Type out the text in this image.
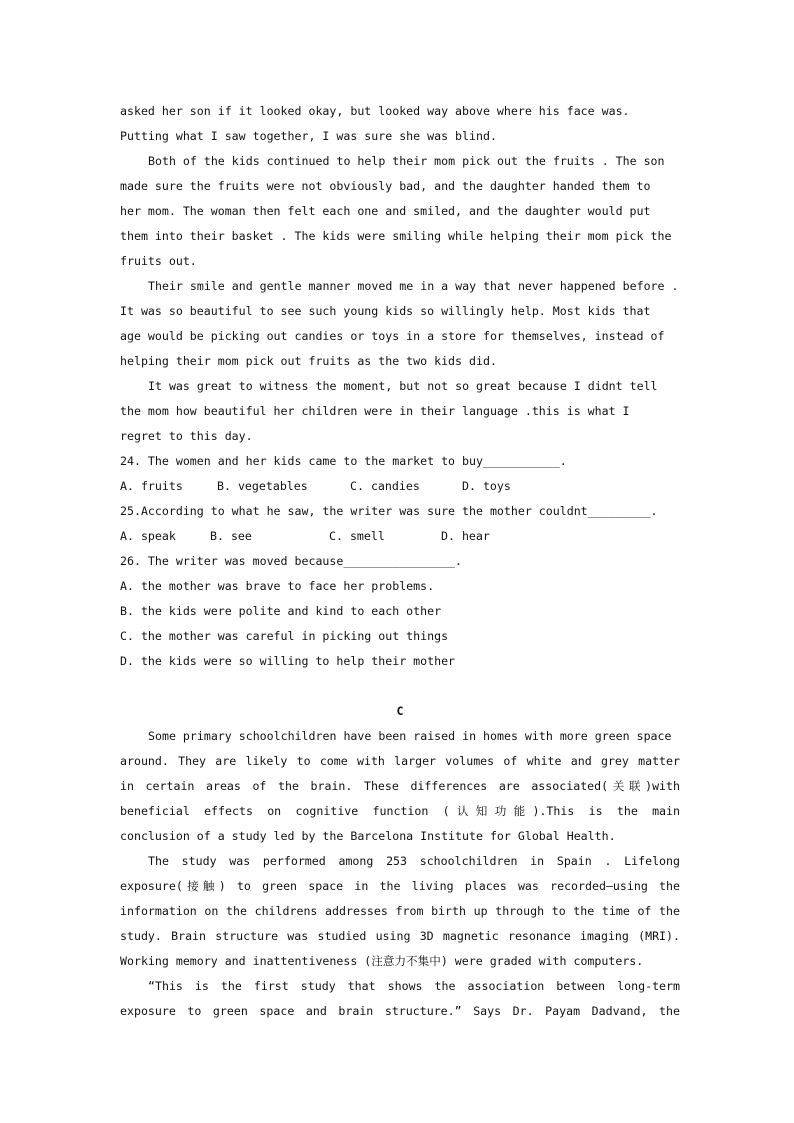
asked her son if it looked okay, but looked way above where his face was.
Putting what I saw together, I was sure she was blind.
Both of the kids continued to help their mom pick out the fruits . The son
made sure the fruits were not obviously bad, and the daughter handed them to
her mom. The woman then felt each one and smiled, and the daughter would put
them into their basket . The kids were smiling while helping their mom pick the
fruits out.
Their smile and gentle manner moved me in a way that never happened before .
It was so beautiful to see such young kids so willingly help. Most kids that
age would be picking out candies or toys in a store for themselves, instead of
helping their mom pick out fruits as the two kids did.
It was great to witness the moment, but not so great because I didnt tell
the mom how beautiful her children were in their language .this is what I
regret to this day.
24. The women and her kids came to the market to buy___________.
A. fruits	B. vegetables	C. candies	D. toys
25.According to what he saw, the writer was sure the mother couldnt_________.
A. speak	B. see	C. smell	D. hear
26. The writer was moved because________________.
A. the mother was brave to face her problems.
B. the kids were polite and kind to each other
C. the mother was careful in picking out things
D. the kids were so willing to help their mother
C
Some primary schoolchildren have been raised in homes with more green space
around. They are likely to come with larger volumes of white and grey matter
in certain areas of the brain. These differences are associated(关联)with
beneficial effects on cognitive function (认知功能).This is the main
conclusion of a study led by the Barcelona Institute for Global Health.
The study was performed among 253 schoolchildren in Spain . Lifelong
exposure(接触) to green space in the living places was recorded—using the
information on the childrens addresses from birth up through to the time of the
study. Brain structure was studied using 3D magnetic resonance imaging (MRI).
Working memory and inattentiveness (注意力不集中) were graded with computers.
“This is the first study that shows the association between long-term
exposure to green space and brain structure.” Says Dr. Payam Dadvand, the
